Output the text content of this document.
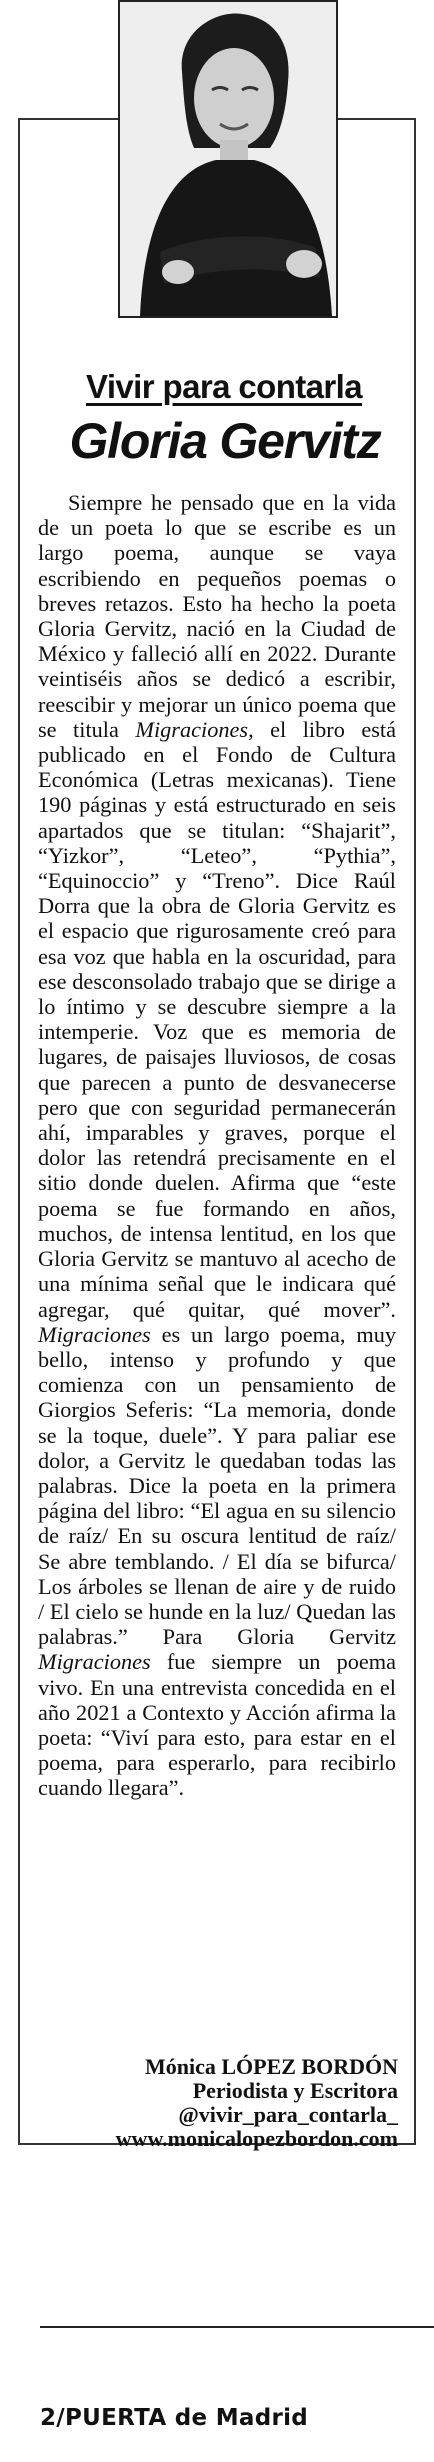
Vivir para contarla
Gloria Gervitz
Siempre he pensado que en la vida de un poeta lo que se escribe es un largo poema, aunque se vaya escribiendo en pequeños poemas o breves retazos. Esto ha hecho la poeta Gloria Gervitz, nació en la Ciudad de México y falleció allí en 2022. Durante veintiséis años se dedicó a escribir, reescibir y mejorar un único poema que se titula Migraciones, el libro está publicado en el Fondo de Cultura Económica (Letras mexicanas). Tiene 190 páginas y está estructurado en seis apartados que se titulan: “Shajarit”, “Yizkor”, “Leteo”, “Pythia”, “Equinoccio” y “Treno”. Dice Raúl Dorra que la obra de Gloria Gervitz es el espacio que rigurosamente creó para esa voz que habla en la oscuridad, para ese desconsolado trabajo que se dirige a lo íntimo y se descubre siempre a la intemperie. Voz que es memoria de lugares, de paisajes lluviosos, de cosas que parecen a punto de desvanecerse pero que con seguridad permanecerán ahí, imparables y graves, porque el dolor las retendrá precisamente en el sitio donde duelen. Afirma que “este poema se fue formando en años, muchos, de intensa lentitud, en los que Gloria Gervitz se mantuvo al acecho de una mínima señal que le indicara qué agregar, qué quitar, qué mover”. Migraciones es un largo poema, muy bello, intenso y profundo y que comienza con un pensamiento de Giorgios Seferis: “La memoria, donde se la toque, duele”. Y para paliar ese dolor, a Gervitz le quedaban todas las palabras. Dice la poeta en la primera página del libro: “El agua en su silencio de raíz/ En su oscura lentitud de raíz/ Se abre temblando. / El día se bifurca/ Los árboles se llenan de aire y de ruido / El cielo se hunde en la luz/ Quedan las palabras.” Para Gloria Gervitz Migraciones fue siempre un poema vivo. En una entrevista concedida en el año 2021 a Contexto y Acción afirma la poeta: “Viví para esto, para estar en el poema, para esperarlo, para recibirlo cuando llegara”.
Mónica LÓPEZ BORDÓN
Periodista y Escritora
@vivir_para_contarla_
www.monicalopezbordon.com
2/PUERTA de Madrid
